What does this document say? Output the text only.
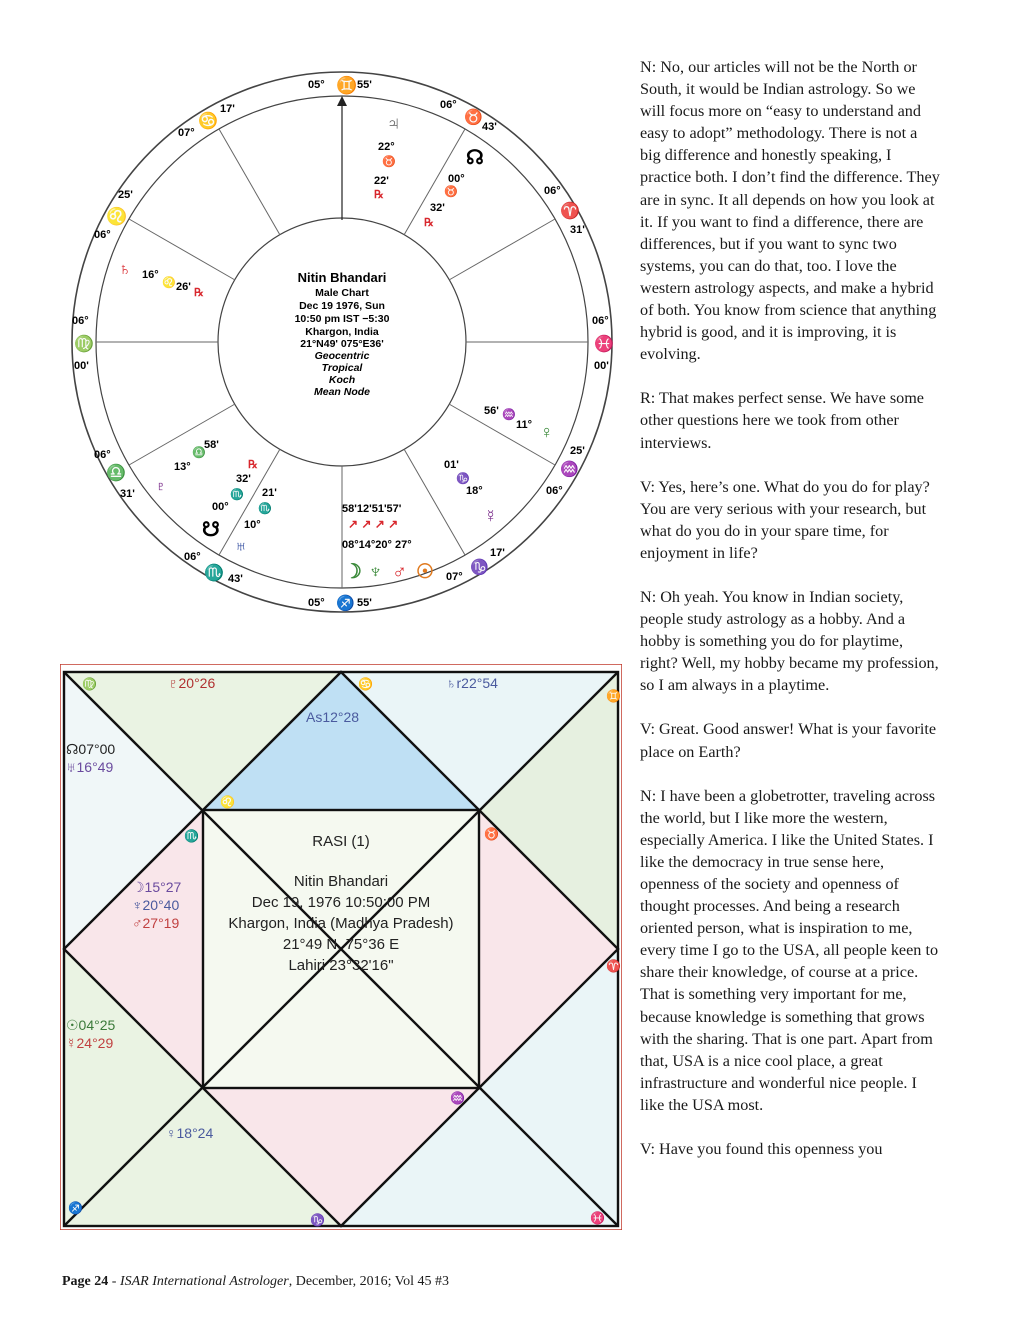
Nitin Bhandari
Male Chart
Dec 19 1976, Sun
10:50 pm IST −5:30
Khargon, India
21°N49' 075°E36'
Geocentric
Tropical
Koch
Mean Node
05° ♊ 55'
05° ♐ 55'
06°
♍
00'
06°
♓
00'
06°
♉
43'
06°
♈
31'
25'
♒
06°
17'
♑
07°
06°
♏ 43'
06°
♎
31'
25'
♌
06°
07°
♋
17'
♃
22°
♉
22'
℞
☊
00°
♉
32'
℞
♄ 16°
♌ 26' ℞
56' ♒
11° ♀
01'
♑
18°
☿
♇
13°
♎
58'
32'
℞
00°
♏
10°
♅
21'
♏
☋
58'12'51'57'
↗ ↗ ↗ ↗
08°14°20° 27°
☽ ♆ ♂ ☉
RASI (1)
Nitin Bhandari
Dec 19, 1976 10:50:00 PM
Khargon, India (Madhya Pradesh)
21°49 N, 75°36 E
Lahiri 23°32'16"
♍	♇20°26
As12°28
♋	♄r22°54
♊
☊07°00
♅16°49
♌
♏
☽15°27
♆20°40
♂27°19
♉
♈
☉04°25
☿24°29
♒
♀18°24
♐
♑	♓

N: No, our articles will not be the North or South, it would be Indian astrology. So we will focus more on “easy to understand and easy to adopt” methodology. There is not a big difference and honestly speaking, I practice both. I don’t find the difference. They are in sync. It all depends on how you look at it. If you want to find a difference, there are differences, but if you want to sync two systems, you can do that, too. I love the western astrology aspects, and make a hybrid of both. You know from science that anything hybrid is good, and it is improving, it is evolving.

R: That makes perfect sense. We have some other questions here we took from other interviews.

V: Yes, here’s one. What do you do for play? You are very serious with your research, but what do you do in your spare time, for enjoyment in life?

N: Oh yeah. You know in Indian society, people study astrology as a hobby. And a hobby is something you do for playtime, right? Well, my hobby became my profession, so I am always in a playtime.

V: Great. Good answer! What is your favorite place on Earth?

N: I have been a globetrotter, traveling across the world, but I like more the western, especially America. I like the United States. I like the democracy in true sense here, openness of the society and openness of thought processes. And being a research oriented person, what is inspiration to me, every time I go to the USA, all people keen to share their knowledge, of course at a price. That is something very important for me, because knowledge is something that grows with the sharing. That is one part. Apart from that, USA is a nice cool place, a great infrastructure and wonderful nice people. I like the USA most.

V: Have you found this openness you

Page 24 - ISAR International Astrologer, December, 2016; Vol 45 #3
